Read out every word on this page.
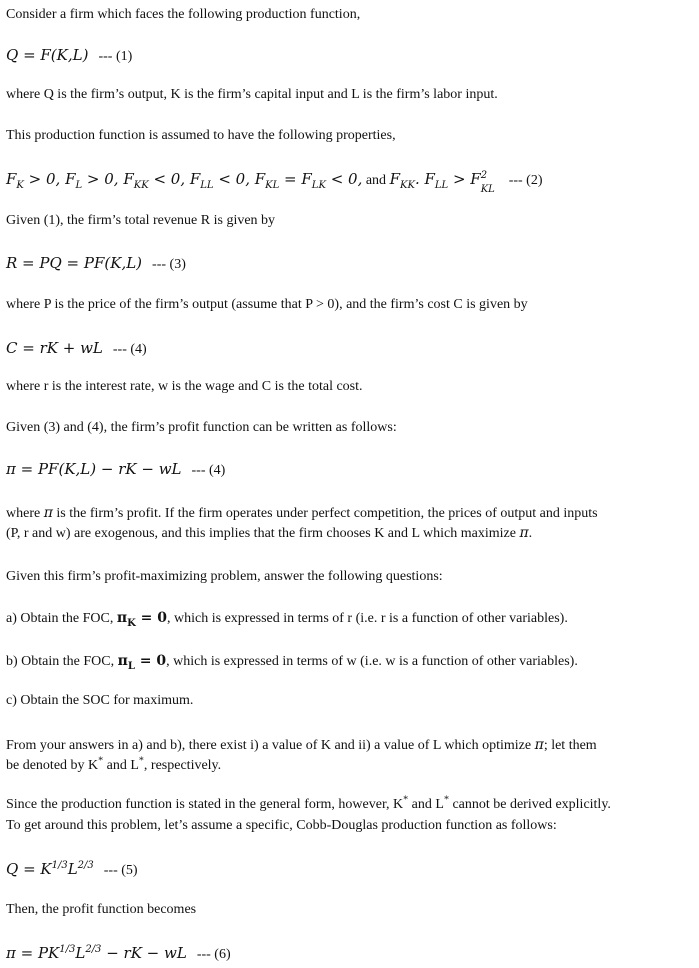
Consider a firm which faces the following production function,
Q = F(K,L) --- (1)
where Q is the firm’s output, K is the firm’s capital input and L is the firm’s labor input.
This production function is assumed to have the following properties,
$F_K > 0$, $F_L > 0$, $F_{KK} < 0$, $F_{LL} < 0$, $F_{KL} = F_{LK} < 0$, and $F_{KK}$. $F_{LL} > F$ 2
KL
--- (2)
Given (1), the firm’s total revenue R is given by
R = PQ = PF(K,L) --- (3)
where P is the price of the firm’s output (assume that P > 0), and the firm’s cost C is given by
C = rK + wL --- (4)
where r is the interest rate, w is the wage and C is the total cost.
Given (3) and (4), the firm’s profit function can be written as follows:
π = PF(K,L) − rK − wL --- (4)
where π is the firm’s profit. If the firm operates under perfect competition, the prices of output and inputs
(P, r and w) are exogenous, and this implies that the firm chooses K and L which maximize π.
Given this firm’s profit-maximizing problem, answer the following questions:
a) Obtain the FOC, $\pi_K = 0$, which is expressed in terms of r (i.e. r is a function of other variables).
b) Obtain the FOC, $\pi_L = 0$, which is expressed in terms of w (i.e. w is a function of other variables).
c) Obtain the SOC for maximum.
From your answers in a) and b), there exist i) a value of K and ii) a value of L which optimize π; let them
be denoted by K* and L*, respectively.
Since the production function is stated in the general form, however, K* and L* cannot be derived explicitly.
To get around this problem, let’s assume a specific, Cobb-Douglas production function as follows:
$Q = K^{1/3}L^{2/3}$ --- (5)
Then, the profit function becomes
$\pi = PK^{1/3}L^{2/3}$ − rK − wL --- (6)
